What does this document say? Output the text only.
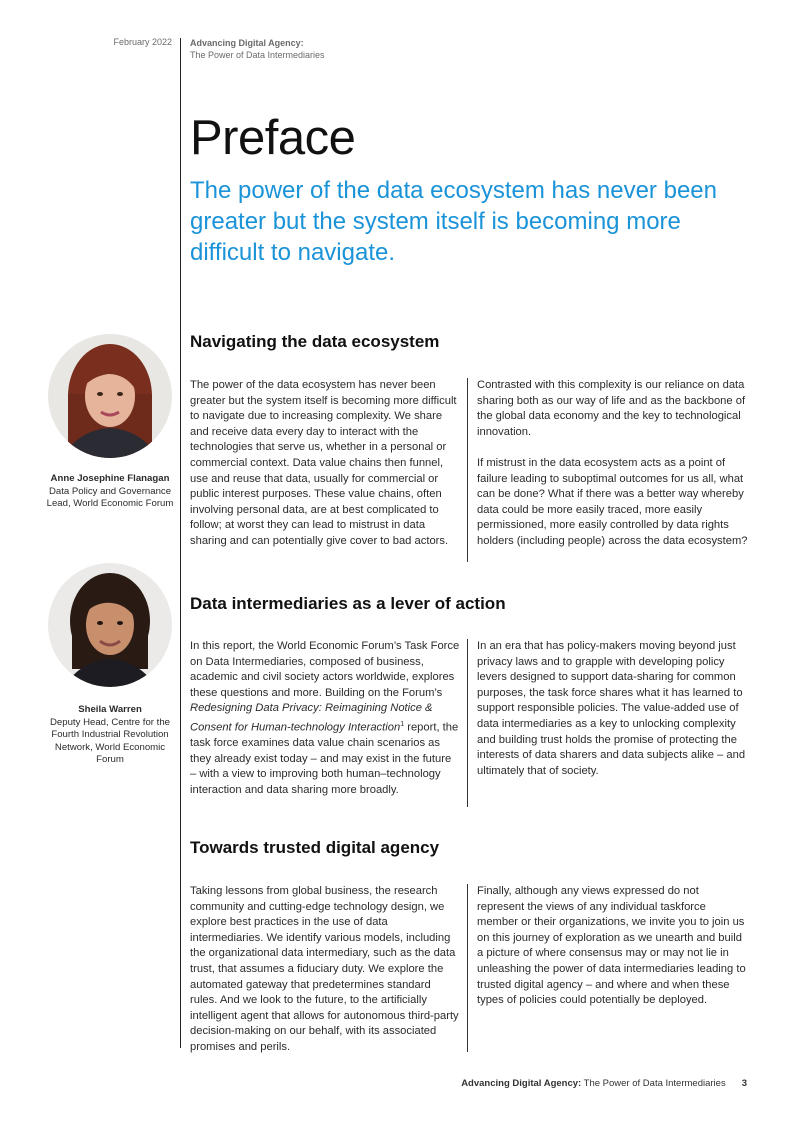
February 2022 Advancing Digital Agency:
The Power of Data Intermediaries
Preface

The power of the data ecosystem has never been greater but the system itself is becoming more difficult to navigate.

Anne Josephine Flanagan
Data Policy and Governance Lead, World Economic Forum
Sheila Warren
Deputy Head, Centre for the Fourth Industrial Revolution Network, World Economic Forum
Navigating the data ecosystem

The power of the data ecosystem has never been greater but the system itself is becoming more difficult to navigate due to increasing complexity. We share and receive data every day to interact with the technologies that serve us, whether in a personal or commercial context. Data value chains then funnel, use and reuse that data, usually for commercial or public interest purposes. These value chains, often involving personal data, are at best complicated to follow; at worst they can lead to mistrust in data sharing and can potentially give cover to bad actors.

Contrasted with this complexity is our reliance on data sharing both as our way of life and as the backbone of the global data economy and the key to technological innovation.

If mistrust in the data ecosystem acts as a point of failure leading to suboptimal outcomes for us all, what can be done? What if there was a better way whereby data could be more easily traced, more easily permissioned, more easily controlled by data rights holders (including people) across the data ecosystem?

Data intermediaries as a lever of action

In this report, the World Economic Forum’s Task Force on Data Intermediaries, composed of business, academic and civil society actors worldwide, explores these questions and more. Building on the Forum’s Redesigning Data Privacy: Reimagining Notice & Consent for Human-technology Interaction$^1$ report, the task force examines data value chain scenarios as they already exist today – and may exist in the future – with a view to improving both human–technology interaction and data sharing more broadly.

In an era that has policy-makers moving beyond just privacy laws and to grapple with developing policy levers designed to support data-sharing for common purposes, the task force shares what it has learned to support responsible policies. The value-added use of data intermediaries as a key to unlocking complexity and building trust holds the promise of protecting the interests of data sharers and data subjects alike – and ultimately that of society.

Towards trusted digital agency

Taking lessons from global business, the research community and cutting-edge technology design, we explore best practices in the use of data intermediaries. We identify various models, including the organizational data intermediary, such as the data trust, that assumes a fiduciary duty. We explore the automated gateway that predetermines standard rules. And we look to the future, to the artificially intelligent agent that allows for autonomous third-party decision-making on our behalf, with its associated promises and perils.

Finally, although any views expressed do not represent the views of any individual taskforce member or their organizations, we invite you to join us on this journey of exploration as we unearth and build a picture of where consensus may or may not lie in unleashing the power of data intermediaries leading to trusted digital agency – and where and when these types of policies could potentially be deployed.

Advancing Digital Agency: The Power of Data Intermediaries 3
